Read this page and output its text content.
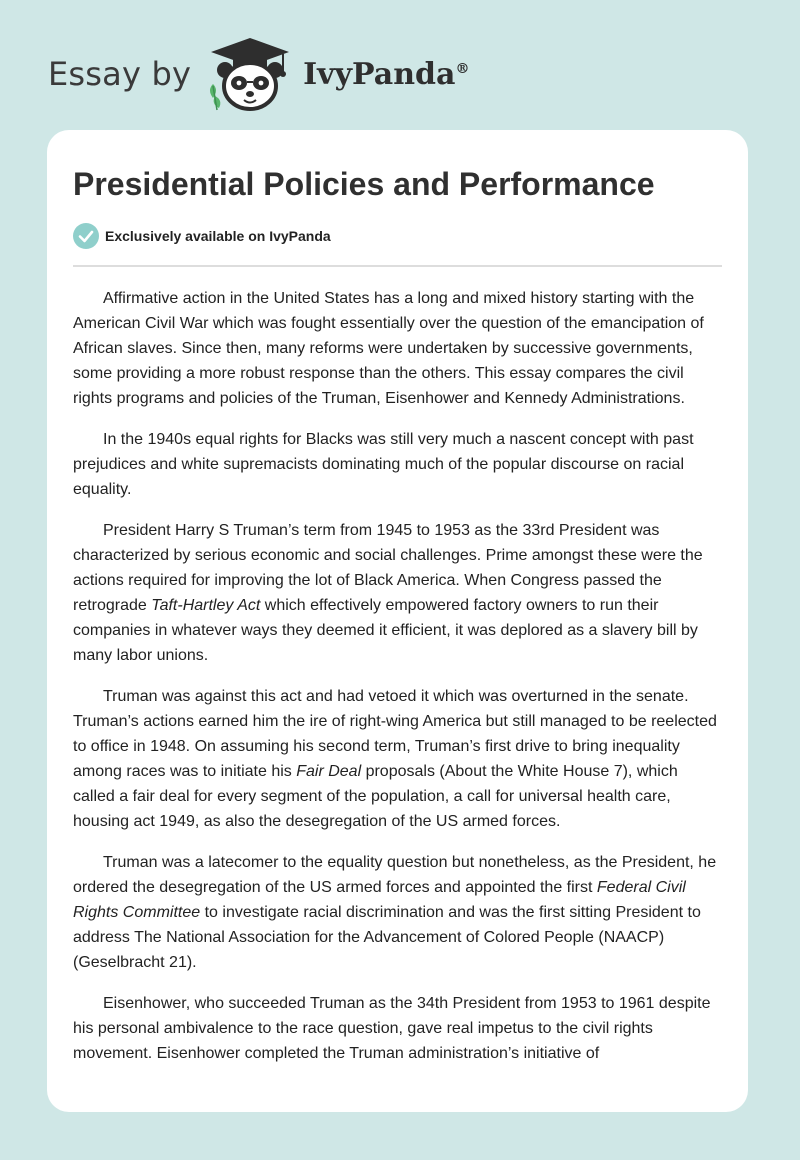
Essay by	IvyPanda®
Presidential Policies and Performance
Exclusively available on IvyPanda

Affirmative action in the United States has a long and mixed history starting with the American Civil War which was fought essentially over the question of the emancipation of African slaves. Since then, many reforms were undertaken by successive governments, some providing a more robust response than the others. This essay compares the civil rights programs and policies of the Truman, Eisenhower and Kennedy Administrations.

In the 1940s equal rights for Blacks was still very much a nascent concept with past prejudices and white supremacists dominating much of the popular discourse on racial equality.

President Harry S Truman’s term from 1945 to 1953 as the 33rd President was characterized by serious economic and social challenges. Prime amongst these were the actions required for improving the lot of Black America. When Congress passed the retrograde Taft-Hartley Act which effectively empowered factory owners to run their companies in whatever ways they deemed it efficient, it was deplored as a slavery bill by many labor unions.

Truman was against this act and had vetoed it which was overturned in the senate. Truman’s actions earned him the ire of right-wing America but still managed to be reelected to office in 1948. On assuming his second term, Truman’s first drive to bring inequality among races was to initiate his Fair Deal proposals (About the White House 7), which called a fair deal for every segment of the population, a call for universal health care, housing act 1949, as also the desegregation of the US armed forces.

Truman was a latecomer to the equality question but nonetheless, as the President, he ordered the desegregation of the US armed forces and appointed the first Federal Civil Rights Committee to investigate racial discrimination and was the first sitting President to address The National Association for the Advancement of Colored People (NAACP) (Geselbracht 21).

Eisenhower, who succeeded Truman as the 34th President from 1953 to 1961 despite his personal ambivalence to the race question, gave real impetus to the civil rights movement. Eisenhower completed the Truman administration’s initiative of
